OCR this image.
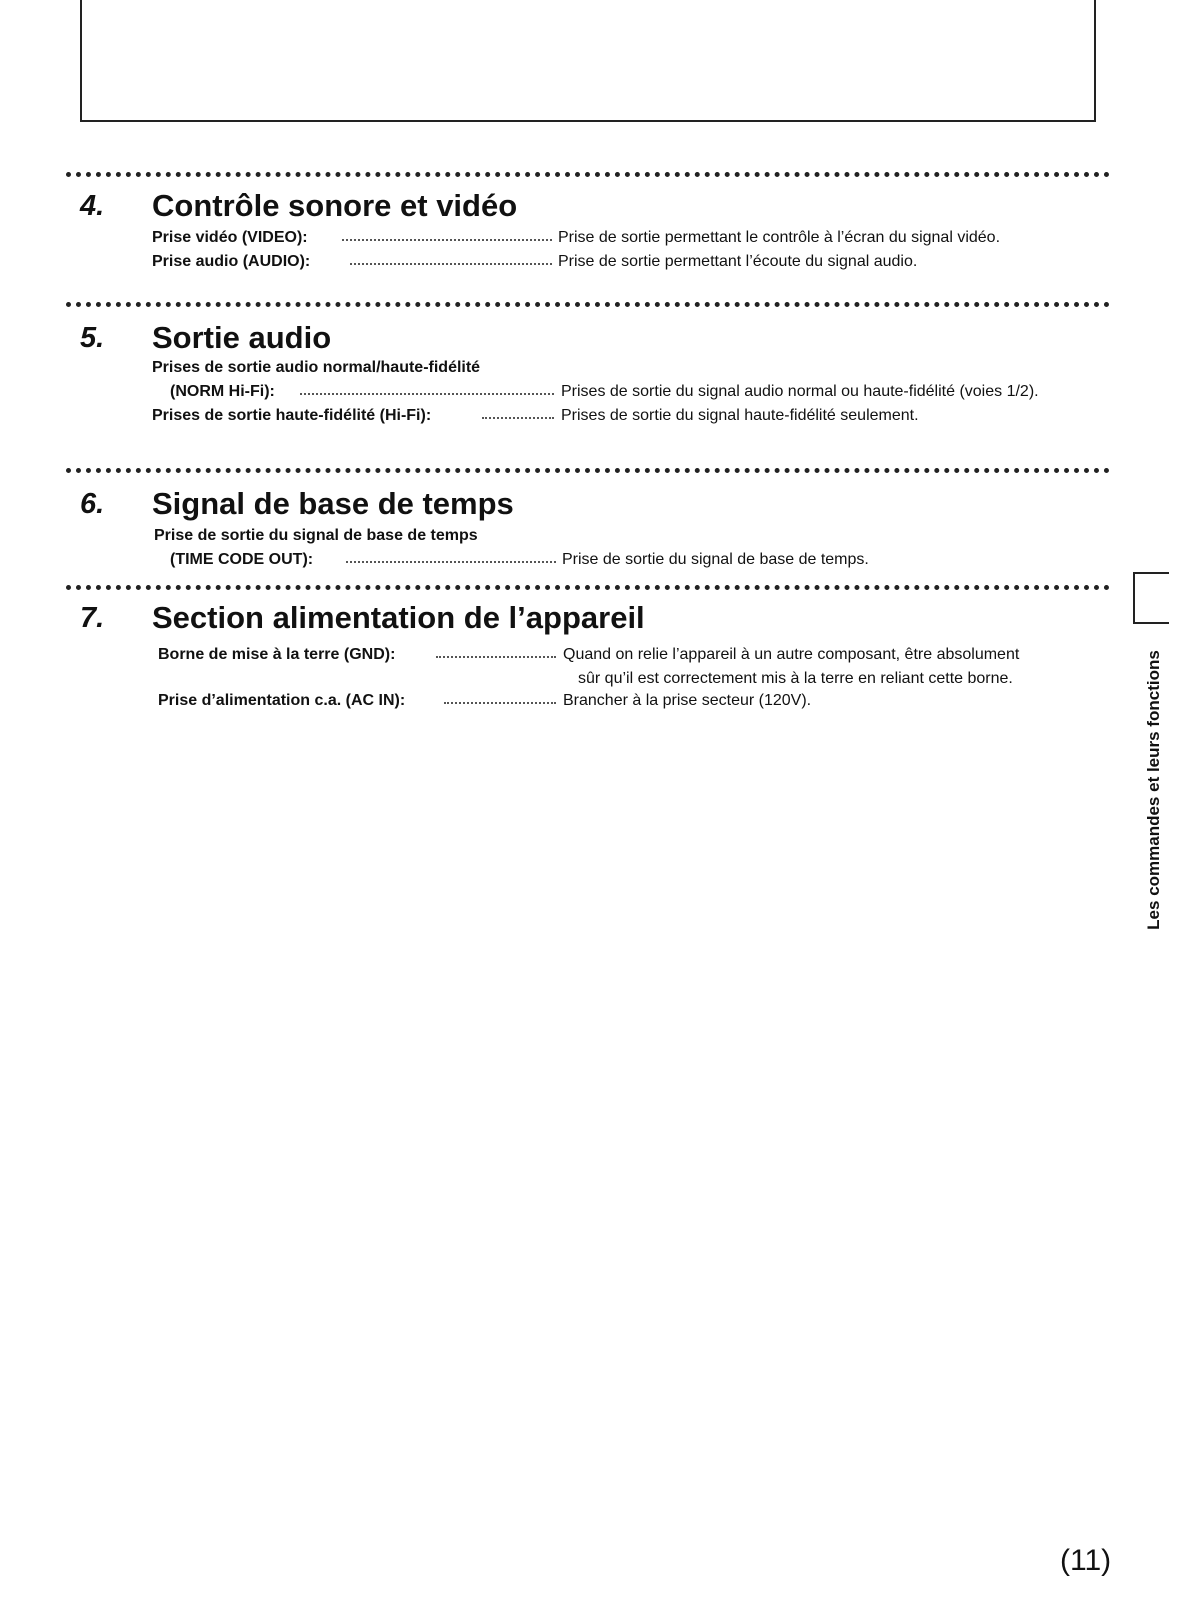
4. Contrôle sonore et vidéo
Prise vidéo (VIDEO):	Prise de sortie permettant le contrôle à l’écran du signal vidéo.
Prise audio (AUDIO):	Prise de sortie permettant l’écoute du signal audio.
5. Sortie audio
Prises de sortie audio normal/haute-fidélité
(NORM Hi-Fi):	Prises de sortie du signal audio normal ou haute-fidélité (voies 1/2).
Prises de sortie haute-fidélité (Hi-Fi):	Prises de sortie du signal haute-fidélité seulement.
6. Signal de base de temps
Prise de sortie du signal de base de temps
(TIME CODE OUT):	Prise de sortie du signal de base de temps.
7. Section alimentation de l’appareil
Borne de mise à la terre (GND):	Quand on relie l’appareil à un autre composant, être absolument
sûr qu’il est correctement mis à la terre en reliant cette borne.
Prise d’alimentation c.a. (AC IN):	Brancher à la prise secteur (120V).	Les commandes et leurs fonctions
(11)
